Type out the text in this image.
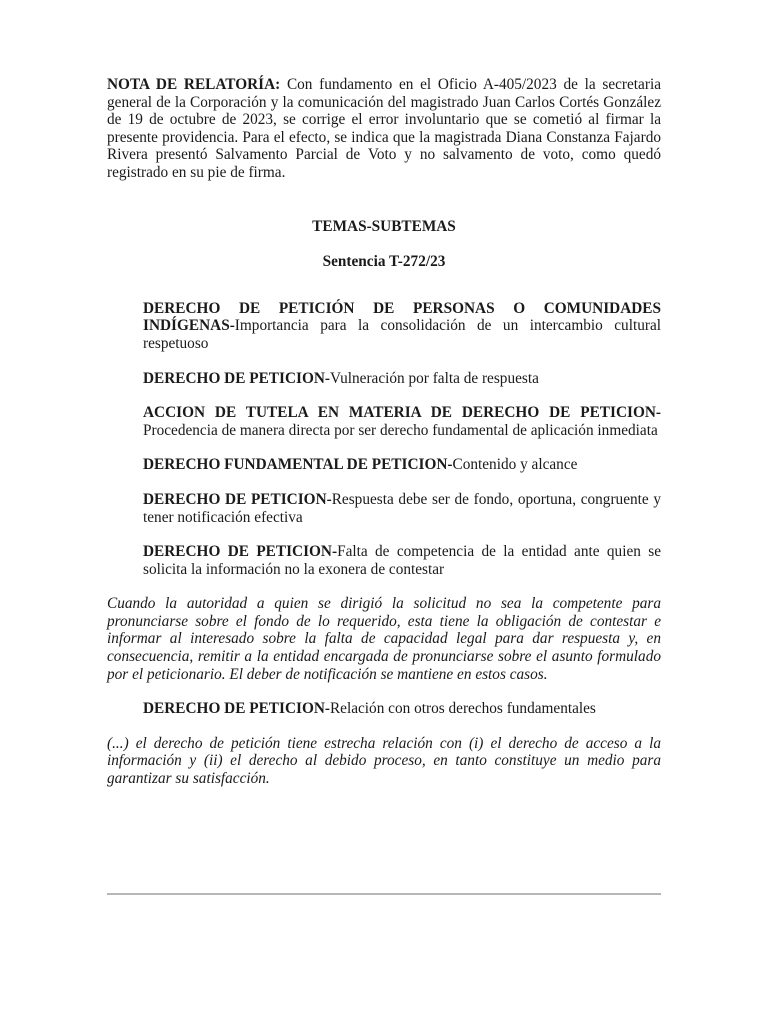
NOTA DE RELATORÍA: Con fundamento en el Oficio A-405/2023 de la secretaria general de la Corporación y la comunicación del magistrado Juan Carlos Cortés González de 19 de octubre de 2023, se corrige el error involuntario que se cometió al firmar la presente providencia. Para el efecto, se indica que la magistrada Diana Constanza Fajardo Rivera presentó Salvamento Parcial de Voto y no salvamento de voto, como quedó registrado en su pie de firma.

TEMAS-SUBTEMAS

Sentencia T-272/23

DERECHO DE PETICIÓN DE PERSONAS O COMUNIDADES INDÍGENAS-Importancia para la consolidación de un intercambio cultural respetuoso

DERECHO DE PETICION-Vulneración por falta de respuesta

ACCION DE TUTELA EN MATERIA DE DERECHO DE PETICION-Procedencia de manera directa por ser derecho fundamental de aplicación inmediata

DERECHO FUNDAMENTAL DE PETICION-Contenido y alcance

DERECHO DE PETICION-Respuesta debe ser de fondo, oportuna, congruente y tener notificación efectiva

DERECHO DE PETICION-Falta de competencia de la entidad ante quien se solicita la información no la exonera de contestar

Cuando la autoridad a quien se dirigió la solicitud no sea la competente para pronunciarse sobre el fondo de lo requerido, esta tiene la obligación de contestar e informar al interesado sobre la falta de capacidad legal para dar respuesta y, en consecuencia, remitir a la entidad encargada de pronunciarse sobre el asunto formulado por el peticionario. El deber de notificación se mantiene en estos casos.

DERECHO DE PETICION-Relación con otros derechos fundamentales

(...) el derecho de petición tiene estrecha relación con (i) el derecho de acceso a la información y (ii) el derecho al debido proceso, en tanto constituye un medio para garantizar su satisfacción.
